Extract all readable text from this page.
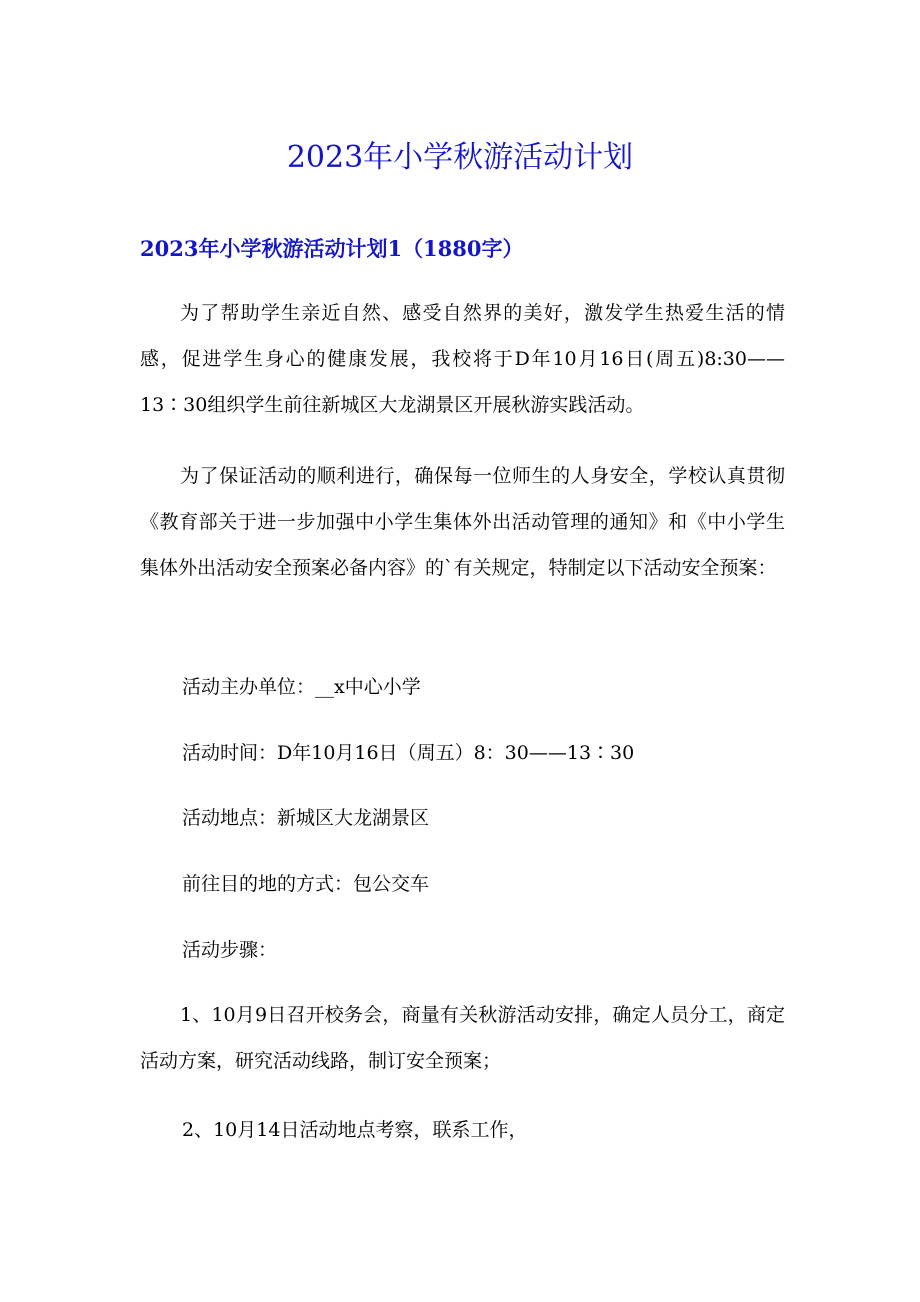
2023年小学秋游活动计划
2023年小学秋游活动计划1（1880字）

为了帮助学生亲近自然、感受自然界的美好，激发学生热爱生活的情感，促进学生身心的健康发展，我校将于D年10月16日(周五)8:30——13∶30组织学生前往新城区大龙湖景区开展秋游实践活动。

为了保证活动的顺利进行，确保每一位师生的人身安全，学校认真贯彻《教育部关于进一步加强中小学生集体外出活动管理的通知》和《中小学生集体外出活动安全预案必备内容》的`有关规定，特制定以下活动安全预案：

活动主办单位：__x中心小学
活动时间：D年10月16日（周五）8：30——13∶30
活动地点：新城区大龙湖景区
前往目的地的方式：包公交车
活动步骤：

1、10月9日召开校务会，商量有关秋游活动安排，确定人员分工，商定活动方案，研究活动线路，制订安全预案；

2、10月14日活动地点考察，联系工作，
